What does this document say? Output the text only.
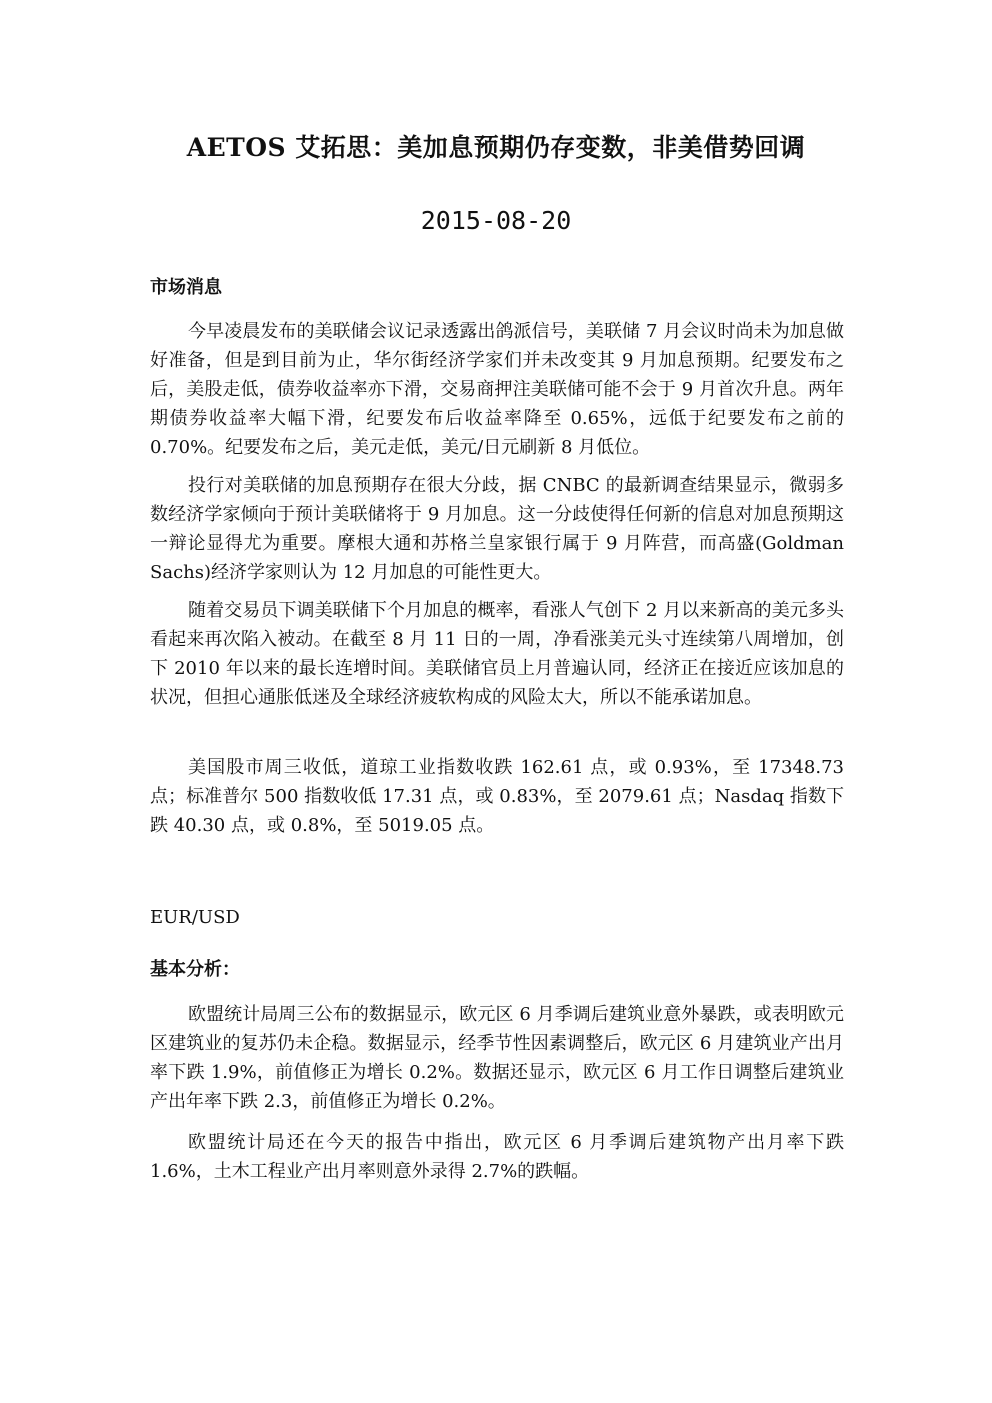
AETOS 艾拓思：美加息预期仍存变数，非美借势回调
2015-08-20
市场消息

今早凌晨发布的美联储会议记录透露出鸽派信号，美联储 7 月会议时尚未为加息做好准备，但是到目前为止，华尔街经济学家们并未改变其 9 月加息预期。纪要发布之后，美股走低，债券收益率亦下滑，交易商押注美联储可能不会于 9 月首次升息。两年期债券收益率大幅下滑，纪要发布后收益率降至 0.65%，远低于纪要发布之前的 0.70%。纪要发布之后，美元走低，美元/日元刷新 8 月低位。

投行对美联储的加息预期存在很大分歧，据 CNBC 的最新调查结果显示，微弱多数经济学家倾向于预计美联储将于 9 月加息。这一分歧使得任何新的信息对加息预期这一辩论显得尤为重要。摩根大通和苏格兰皇家银行属于 9 月阵营，而高盛(Goldman Sachs)经济学家则认为 12 月加息的可能性更大。

随着交易员下调美联储下个月加息的概率，看涨人气创下 2 月以来新高的美元多头看起来再次陷入被动。在截至 8 月 11 日的一周，净看涨美元头寸连续第八周增加，创下 2010 年以来的最长连增时间。美联储官员上月普遍认同，经济正在接近应该加息的状况，但担心通胀低迷及全球经济疲软构成的风险太大，所以不能承诺加息。

美国股市周三收低，道琼工业指数收跌 162.61 点，或 0.93%，至 17348.73 点；标准普尔 500 指数收低 17.31 点，或 0.83%，至 2079.61 点；Nasdaq 指数下跌 40.30 点，或 0.8%，至 5019.05 点。

EUR/USD
基本分析：

欧盟统计局周三公布的数据显示，欧元区 6 月季调后建筑业意外暴跌，或表明欧元区建筑业的复苏仍未企稳。数据显示，经季节性因素调整后，欧元区 6 月建筑业产出月率下跌 1.9%，前值修正为增长 0.2%。数据还显示，欧元区 6 月工作日调整后建筑业产出年率下跌 2.3，前值修正为增长 0.2%。

欧盟统计局还在今天的报告中指出，欧元区 6 月季调后建筑物产出月率下跌 1.6%，土木工程业产出月率则意外录得 2.7%的跌幅。
